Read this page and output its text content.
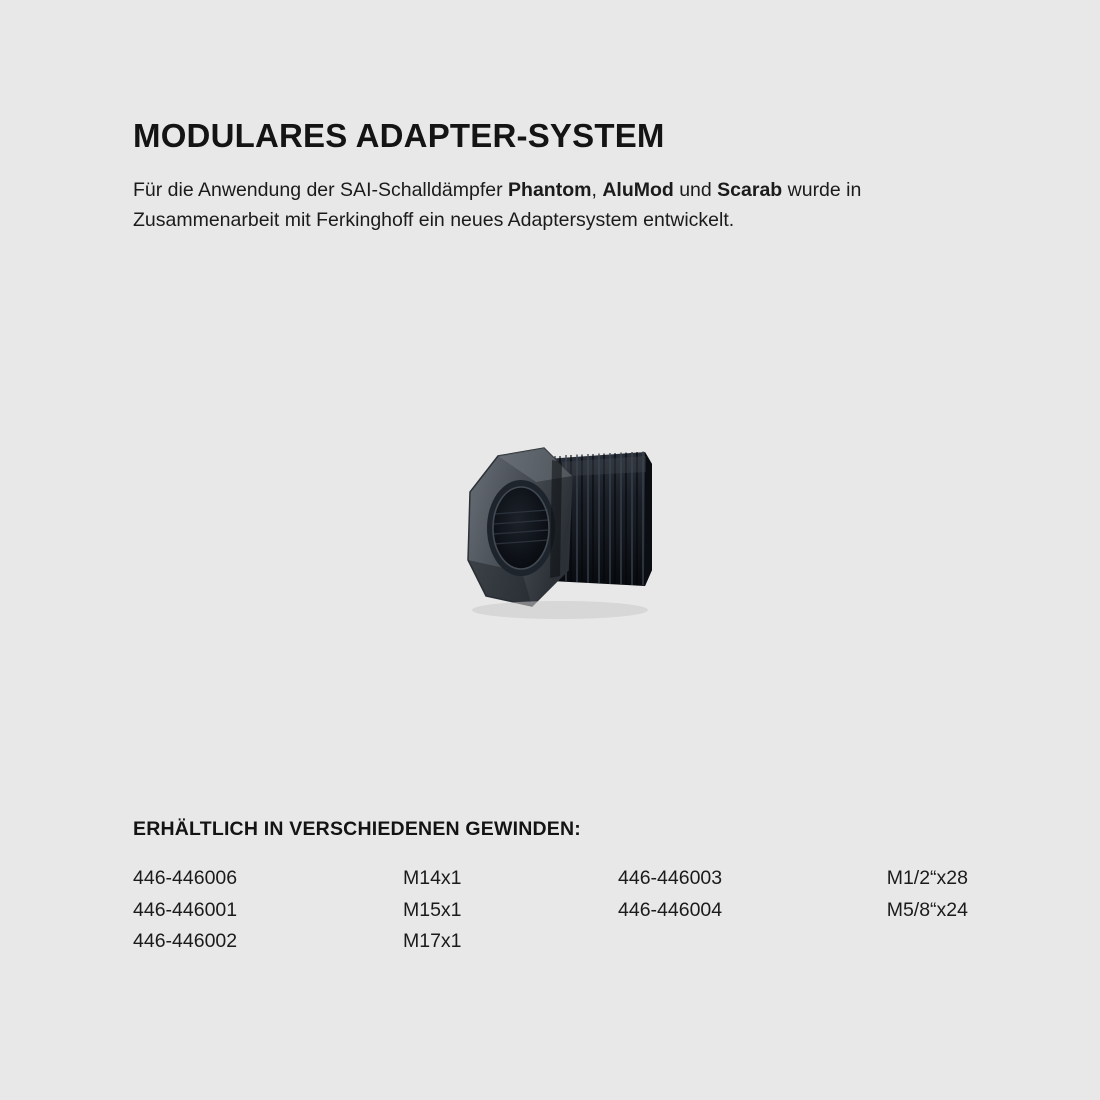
MODULARES ADAPTER-SYSTEM

Für die Anwendung der SAI-Schalldämpfer Phantom, AluMod und Scarab wurde in Zusammenarbeit mit Ferkinghoff ein neues Adaptersystem entwickelt.

ERHÄLTLICH IN VERSCHIEDENEN GEWINDEN:
446-446006	M14x1	446-446003	M1/2“x28
446-446001	M15x1	446-446004	M5/8“x24
446-446002	M17x1		
